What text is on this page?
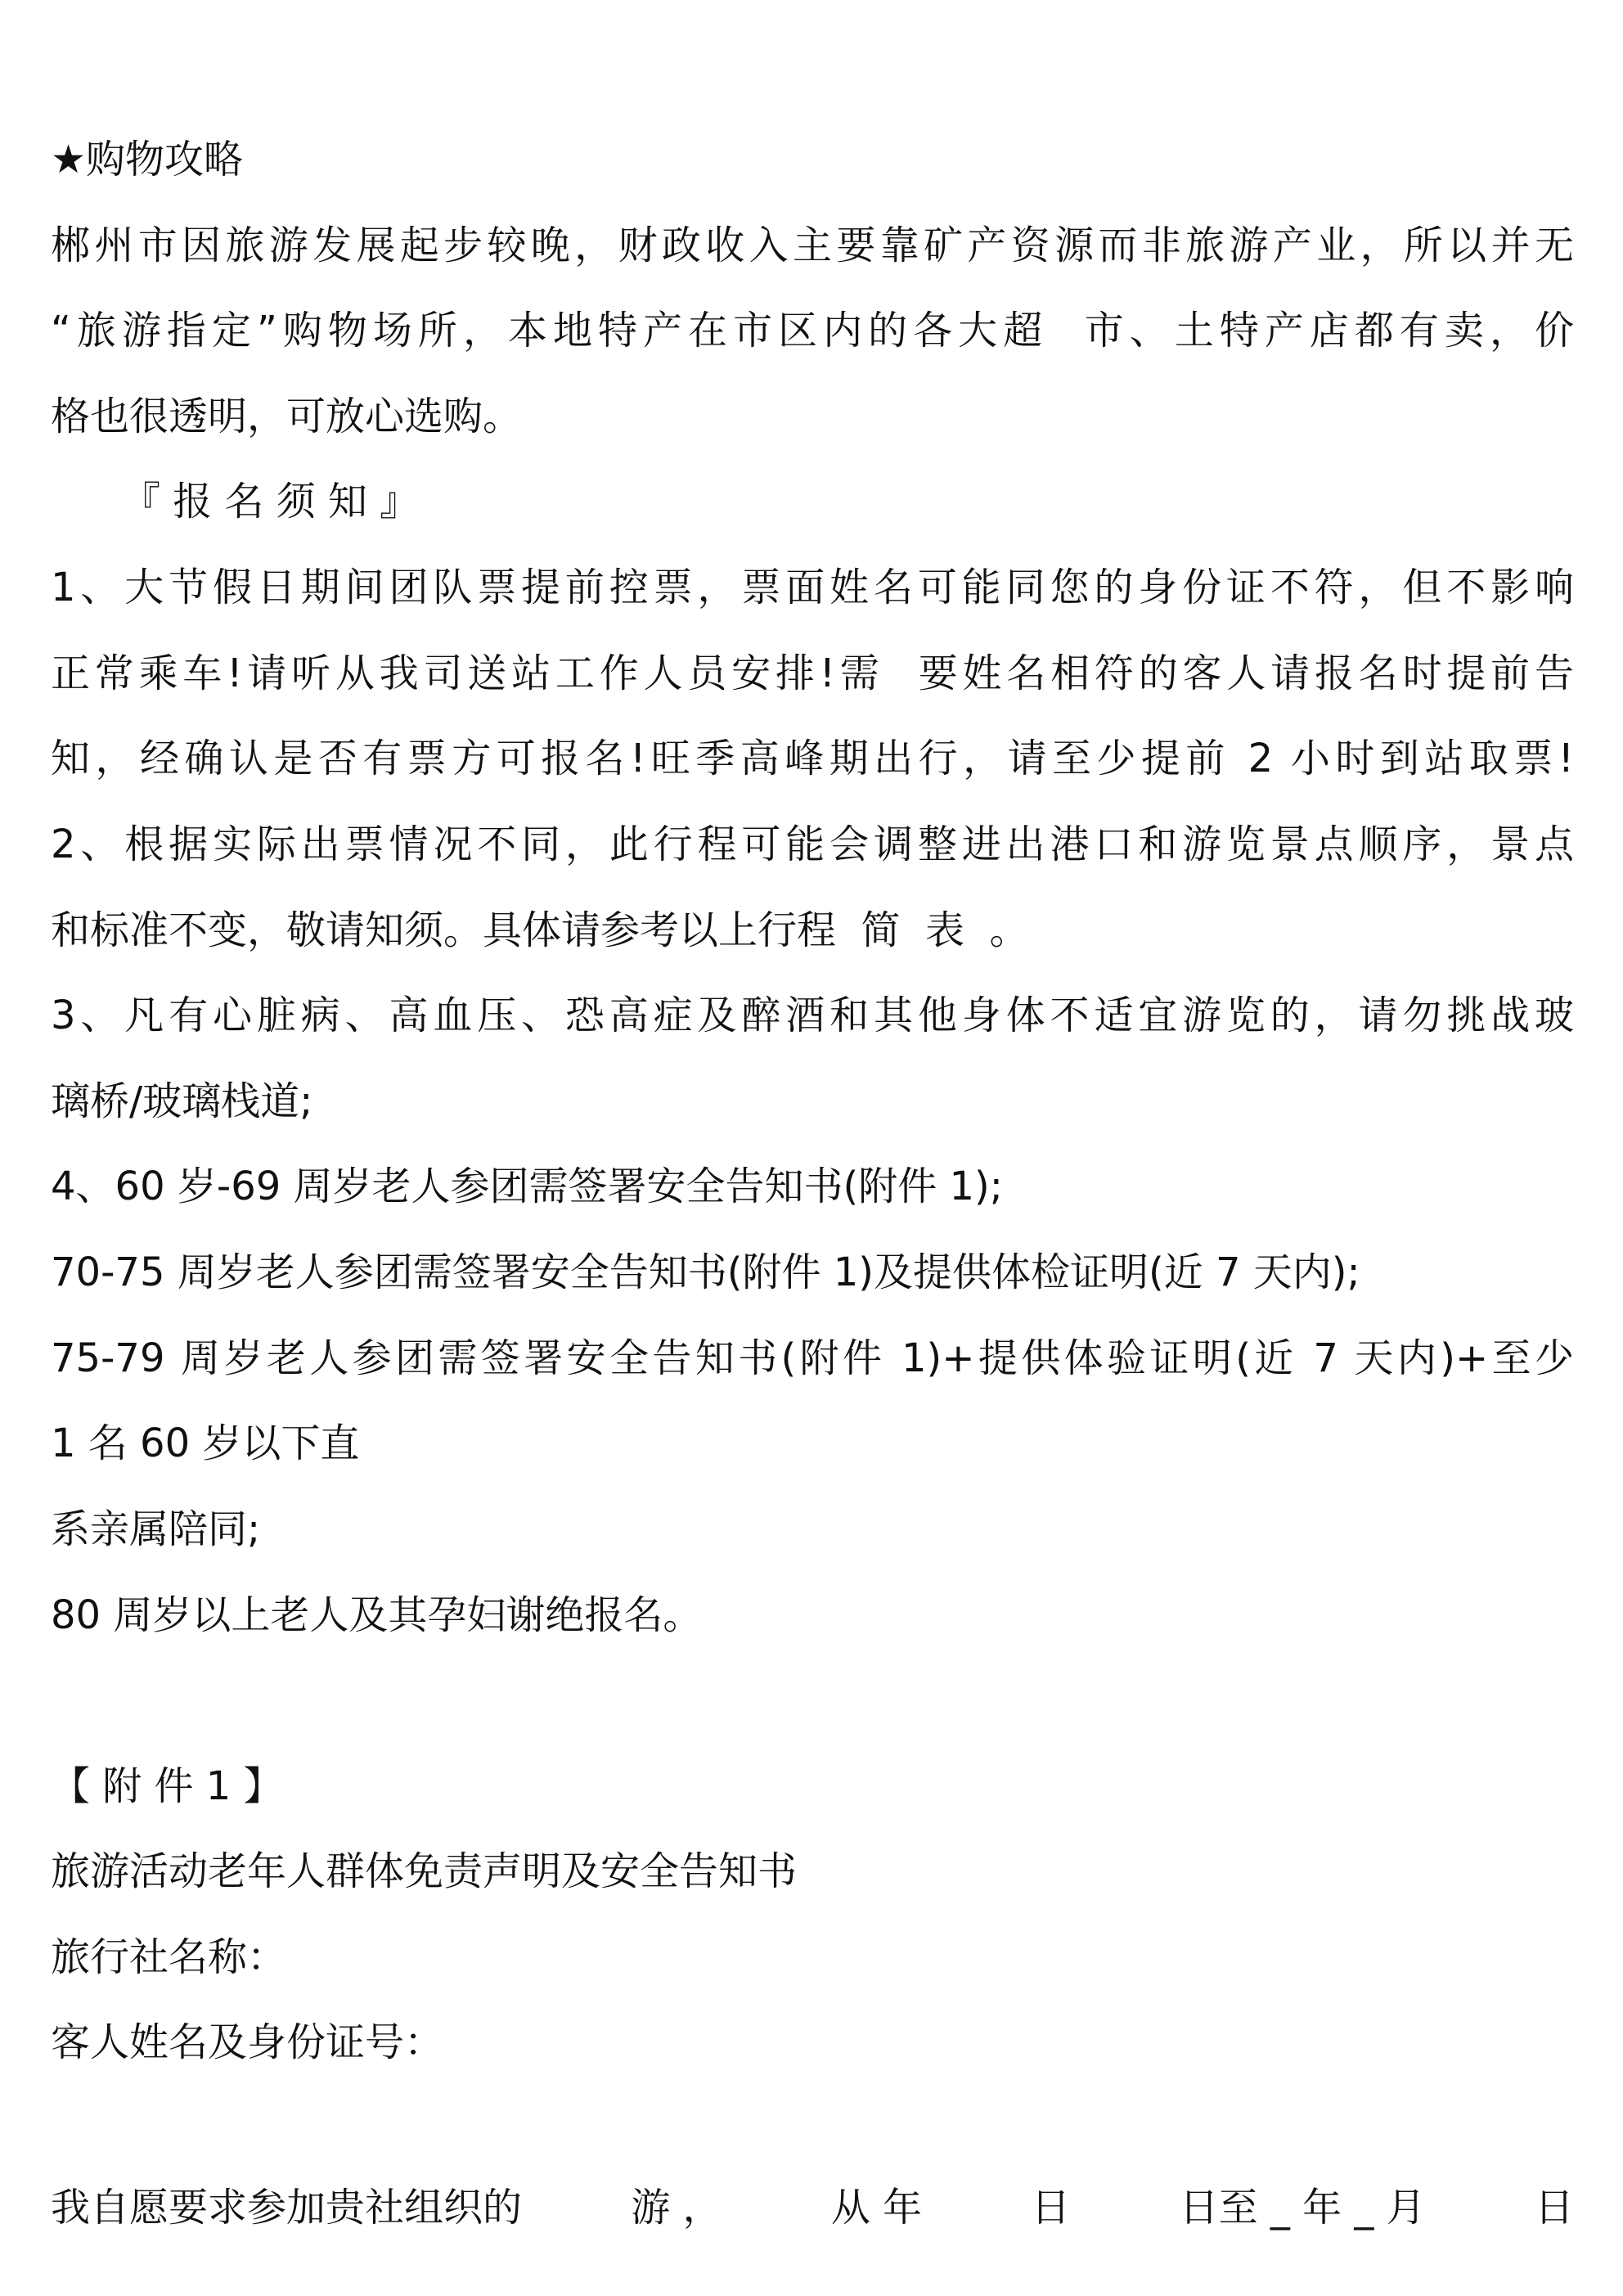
★购物攻略
郴州市因旅游发展起步较晚，财政收入主要靠矿产资源而非旅游产业，所以并无
“旅游指定”购物场所，本地特产在市区内的各大超  市、土特产店都有卖，价
格也很透明，可放心选购。
『 报 名 须 知 』
1、大节假日期间团队票提前控票，票面姓名可能同您的身份证不符，但不影响
正常乘车!请听从我司送站工作人员安排!需  要姓名相符的客人请报名时提前告
知，经确认是否有票方可报名!旺季高峰期出行，请至少提前 2 小时到站取票!
2、根据实际出票情况不同，此行程可能会调整进出港口和游览景点顺序，景点
和标准不变，敬请知须。具体请参考以上行程  简  表  。
3、凡有心脏病、高血压、恐高症及醉酒和其他身体不适宜游览的，请勿挑战玻
璃桥/玻璃栈道;
4、60 岁-69 周岁老人参团需签署安全告知书(附件 1);
70-75 周岁老人参团需签署安全告知书(附件 1)及提供体检证明(近 7 天内);
75-79 周岁老人参团需签署安全告知书(附件 1)+提供体验证明(近 7 天内)+至少
1 名 60 岁以下直
系亲属陪同;
80 周岁以上老人及其孕妇谢绝报名。
【 附 件 1 】
旅游活动老年人群体免责声明及安全告知书
旅行社名称：
客人姓名及身份证号：
我自愿要求参加贵社组织的	游 ，	从 年	日	日至 _ 年 _ 月	日
